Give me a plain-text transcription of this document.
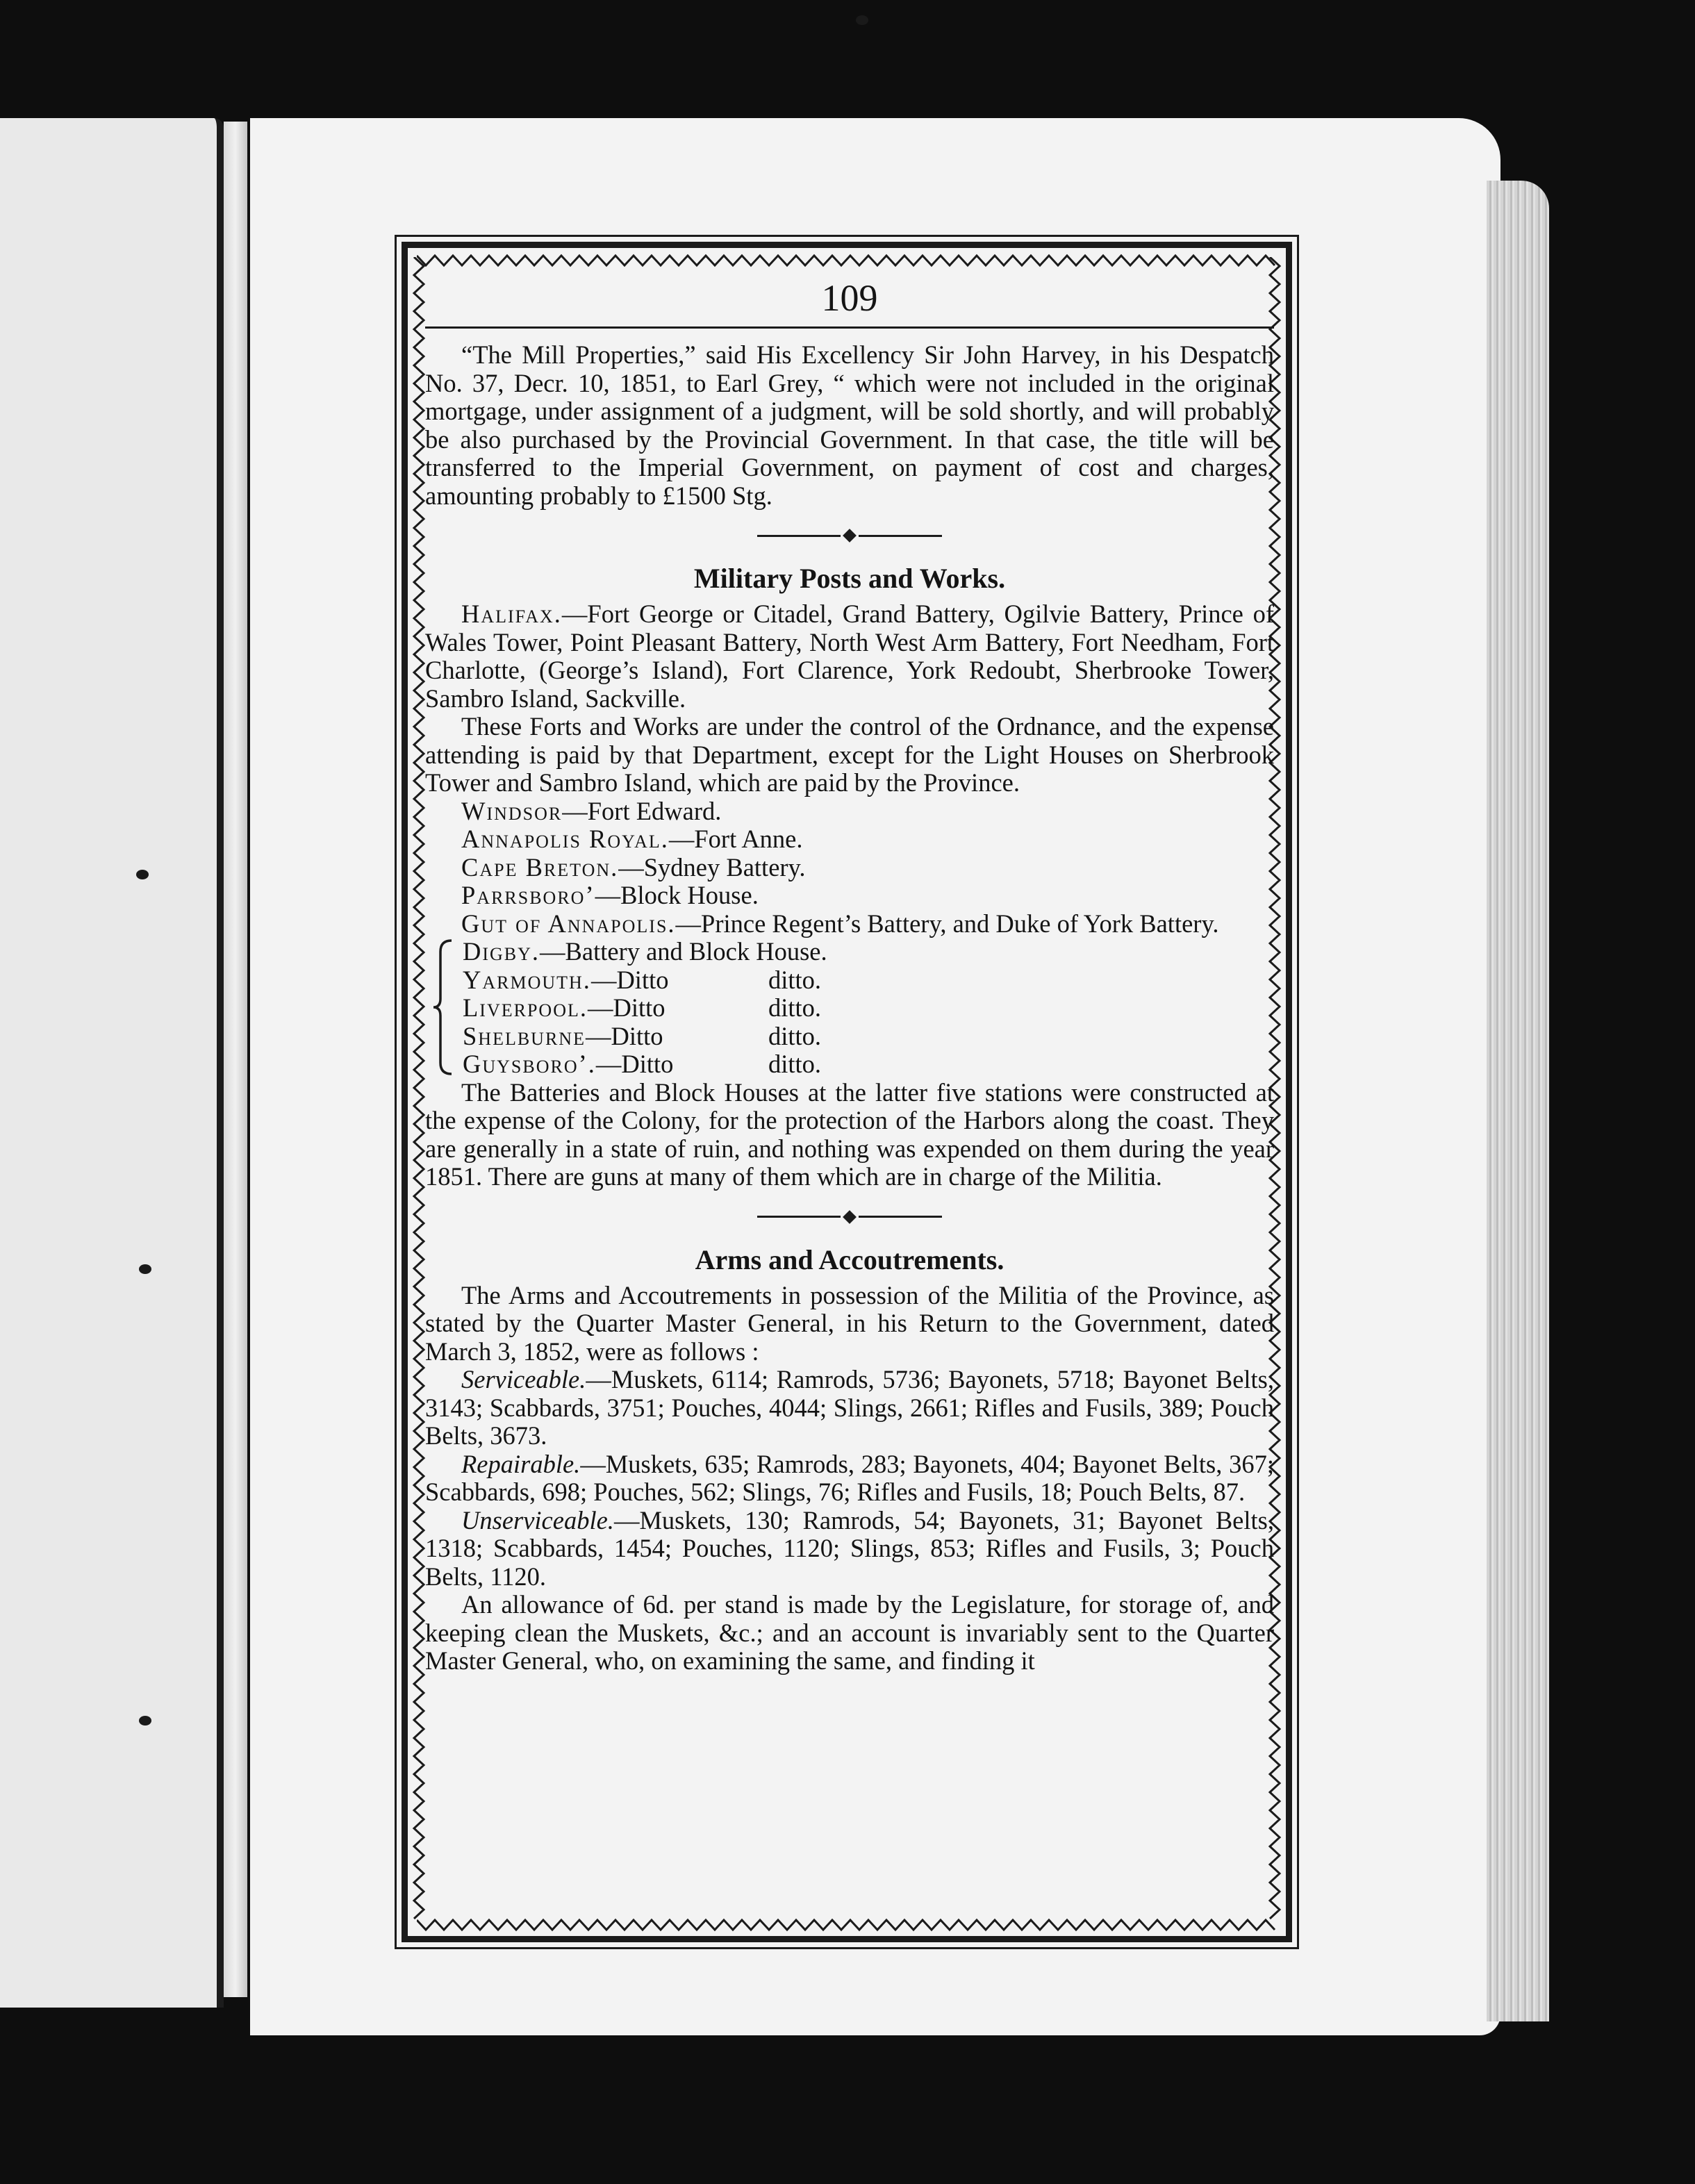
109

“The Mill Properties,” said His Excellency Sir John Harvey, in his Despatch No. 37, Decr. 10, 1851, to Earl Grey, “ which were not included in the original mortgage, under assignment of a judgment, will be sold shortly, and will probably be also purchased by the Provincial Government. In that case, the title will be transferred to the Imperial Government, on payment of cost and charges, amounting probably to £1500 Stg.

Military Posts and Works.

Halifax.—Fort George or Citadel, Grand Battery, Ogilvie Battery, Prince of Wales Tower, Point Pleasant Battery, North West Arm Battery, Fort Needham, Fort Charlotte, (George’s Island), Fort Clarence, York Redoubt, Sherbrooke Tower, Sambro Island, Sackville.

These Forts and Works are under the control of the Ordnance, and the expense attending is paid by that Department, except for the Light Houses on Sherbrook Tower and Sambro Island, which are paid by the Province.

Windsor—Fort Edward.
Annapolis Royal.—Fort Anne.
Cape Breton.—Sydney Battery.
Parrsboro’—Block House.

Gut of Annapolis.—Prince Regent’s Battery, and Duke of York Battery.

Digby. —Battery and Block House.
Yarmouth.—Ditto	ditto.
Liverpool.—Ditto	ditto.
Shelburne—Ditto	ditto.
Guysboro’.—Ditto	ditto.

The Batteries and Block Houses at the latter five stations were constructed at the expense of the Colony, for the protection of the Harbors along the coast. They are generally in a state of ruin, and nothing was expended on them during the year 1851. There are guns at many of them which are in charge of the Militia.

Arms and Accoutrements.

The Arms and Accoutrements in possession of the Militia of the Province, as stated by the Quarter Master General, in his Return to the Government, dated March 3, 1852, were as follows :

Serviceable.—Muskets, 6114; Ramrods, 5736; Bayonets, 5718; Bayonet Belts, 3143; Scabbards, 3751; Pouches, 4044; Slings, 2661; Rifles and Fusils, 389; Pouch Belts, 3673.

Repairable.—Muskets, 635; Ramrods, 283; Bayonets, 404; Bayonet Belts, 367; Scabbards, 698; Pouches, 562; Slings, 76; Rifles and Fusils, 18; Pouch Belts, 87.

Unserviceable.—Muskets, 130; Ramrods, 54; Bayonets, 31; Bayonet Belts, 1318; Scabbards, 1454; Pouches, 1120; Slings, 853; Rifles and Fusils, 3; Pouch Belts, 1120.

An allowance of 6d. per stand is made by the Legislature, for storage of, and keeping clean the Muskets, &c.; and an account is invariably sent to the Quarter Master General, who, on examining the same, and finding it
